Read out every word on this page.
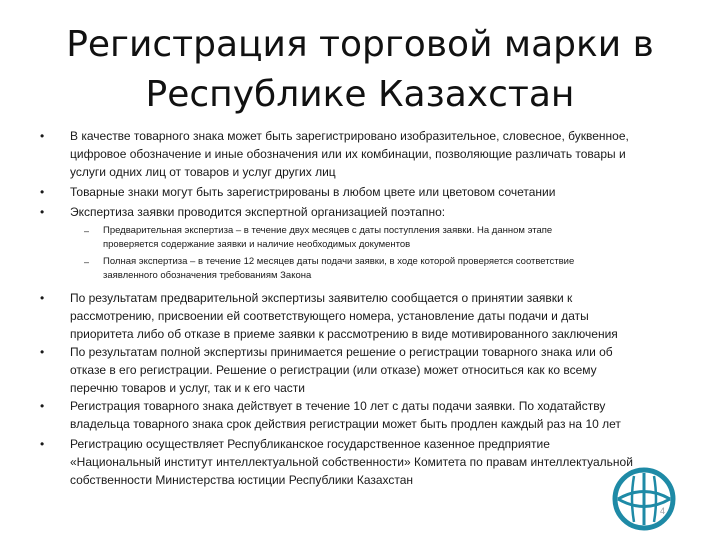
Регистрация торговой марки в
Республике Казахстан
•	В качестве товарного знака может быть зарегистрировано изобразительное, словесное, буквенное,
цифровое обозначение и иные обозначения или их комбинации, позволяющие различать товары и
услуги одних лиц от товаров и услуг других лиц
•	Товарные знаки могут быть зарегистрированы в любом цвете или цветовом сочетании
•	Экспертиза заявки проводится экспертной организацией поэтапно:
– Предварительная экспертиза – в течение двух месяцев с даты поступления заявки. На данном этапе
проверяется содержание заявки и наличие необходимых документов
– Полная экспертиза – в течение 12 месяцев даты подачи заявки, в ходе которой проверяется соответствие
заявленного обозначения требованиям Закона
•	По результатам предварительной экспертизы заявителю сообщается о принятии заявки к
рассмотрению, присвоении ей соответствующего номера, установление даты подачи и даты
приоритета либо об отказе в приеме заявки к рассмотрению в виде мотивированного заключения
•	По результатам полной экспертизы принимается решение о регистрации товарного знака или об
отказе в его регистрации. Решение о регистрации (или отказе) может относиться как ко всему
перечню товаров и услуг, так и к его части
•	Регистрация товарного знака действует в течение 10 лет с даты подачи заявки. По ходатайству
владельца товарного знака срок действия регистрации может быть продлен каждый раз на 10 лет
•	Регистрацию осуществляет Республиканское государственное казенное предприятие
«Национальный институт интеллектуальной собственности» Комитета по правам интеллектуальной
собственности Министерства юстиции Республики Казахстан
4
